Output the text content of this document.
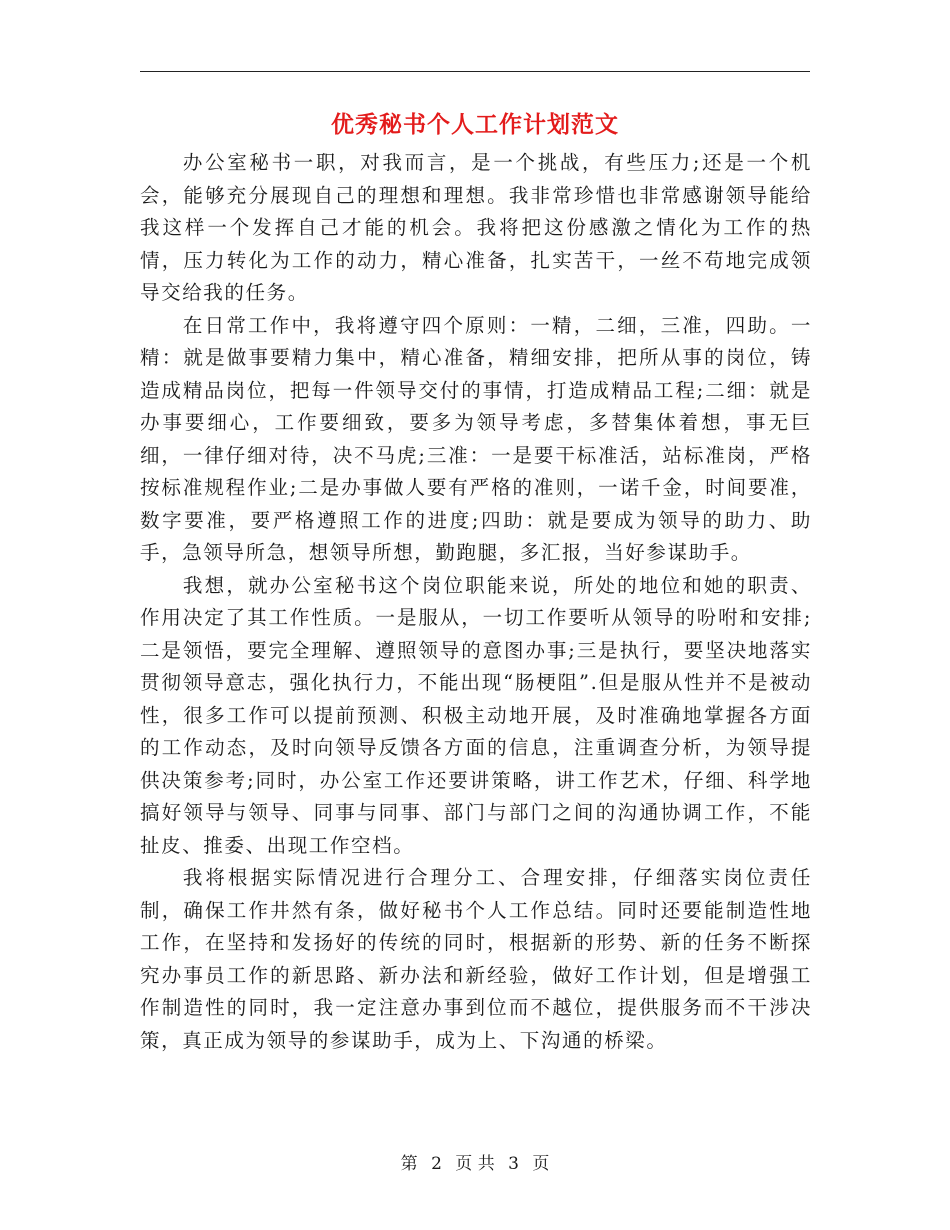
优秀秘书个人工作计划范文

办公室秘书一职，对我而言，是一个挑战，有些压力;还是一个机会，能够充分展现自己的理想和理想。我非常珍惜也非常感谢领导能给我这样一个发挥自己才能的机会。我将把这份感激之情化为工作的热情，压力转化为工作的动力，精心准备，扎实苦干，一丝不苟地完成领导交给我的任务。

在日常工作中，我将遵守四个原则：一精，二细，三准，四助。一精：就是做事要精力集中，精心准备，精细安排，把所从事的岗位，铸造成精品岗位，把每一件领导交付的事情，打造成精品工程;二细：就是办事要细心，工作要细致，要多为领导考虑，多替集体着想，事无巨细，一律仔细对待，决不马虎;三准：一是要干标准活，站标准岗，严格按标准规程作业;二是办事做人要有严格的准则，一诺千金，时间要准，数字要准，要严格遵照工作的进度;四助：就是要成为领导的助力、助手，急领导所急，想领导所想，勤跑腿，多汇报，当好参谋助手。

我想，就办公室秘书这个岗位职能来说，所处的地位和她的职责、作用决定了其工作性质。一是服从，一切工作要听从领导的吩咐和安排;二是领悟，要完全理解、遵照领导的意图办事;三是执行，要坚决地落实贯彻领导意志，强化执行力，不能出现“肠梗阻”.但是服从性并不是被动性，很多工作可以提前预测、积极主动地开展，及时准确地掌握各方面的工作动态，及时向领导反馈各方面的信息，注重调查分析，为领导提供决策参考;同时，办公室工作还要讲策略，讲工作艺术，仔细、科学地搞好领导与领导、同事与同事、部门与部门之间的沟通协调工作，不能扯皮、推委、出现工作空档。

我将根据实际情况进行合理分工、合理安排，仔细落实岗位责任制，确保工作井然有条，做好秘书个人工作总结。同时还要能制造性地工作，在坚持和发扬好的传统的同时，根据新的形势、新的任务不断探究办事员工作的新思路、新办法和新经验，做好工作计划，但是增强工作制造性的同时，我一定注意办事到位而不越位，提供服务而不干涉决策，真正成为领导的参谋助手，成为上、下沟通的桥梁。

第 2 页 共 3 页
